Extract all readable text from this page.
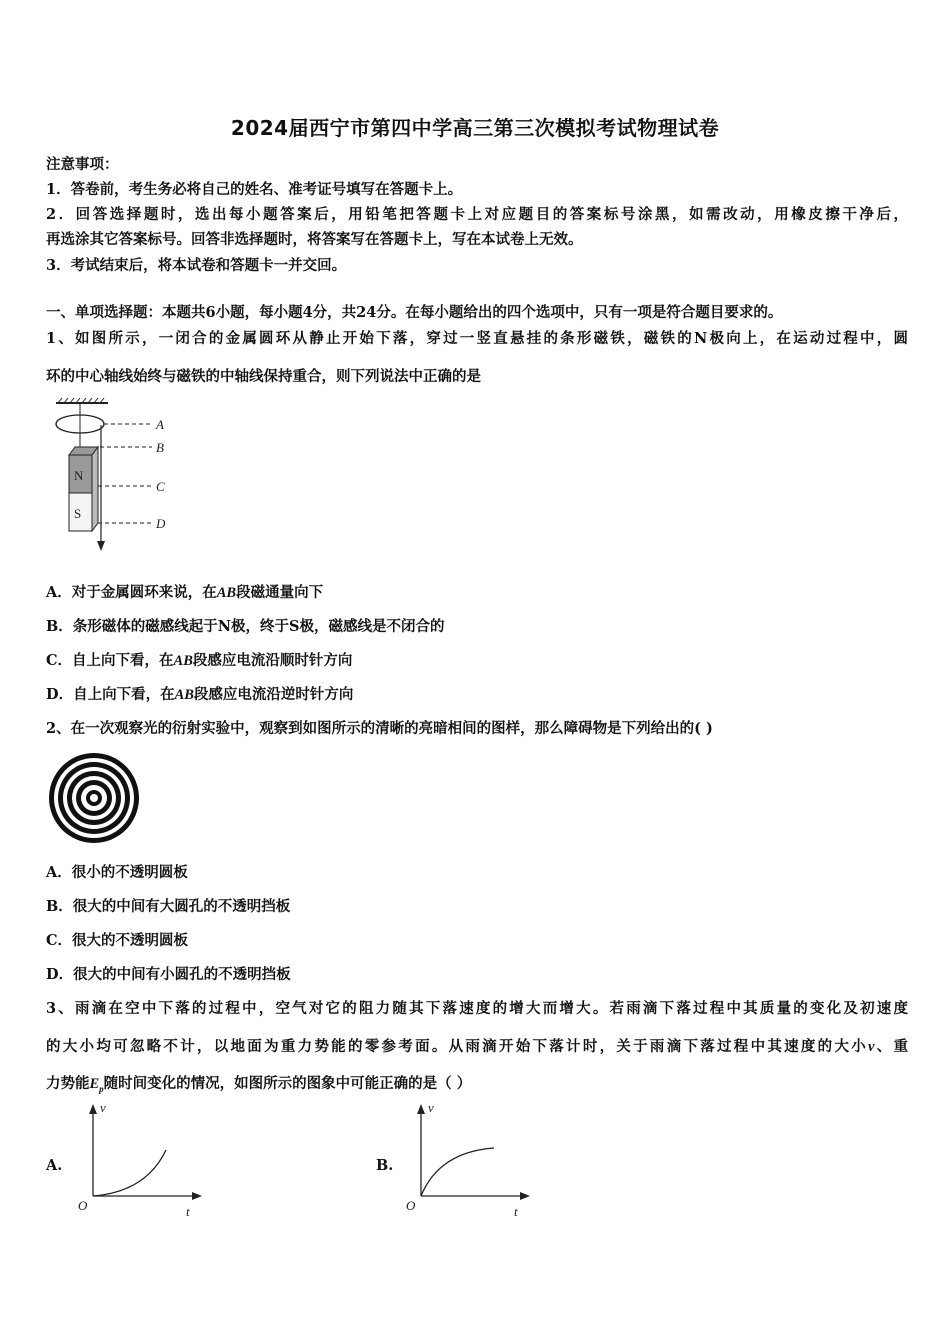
2024届西宁市第四中学高三第三次模拟考试物理试卷
注意事项：
1．答卷前，考生务必将自己的姓名、准考证号填写在答题卡上。
2．回答选择题时，选出每小题答案后，用铅笔把答题卡上对应题目的答案标号涂黑，如需改动，用橡皮擦干净后，
再选涂其它答案标号。回答非选择题时，将答案写在答题卡上，写在本试卷上无效。
3．考试结束后，将本试卷和答题卡一并交回。
一、单项选择题：本题共6小题，每小题4分，共24分。在每小题给出的四个选项中，只有一项是符合题目要求的。
1、如图所示，一闭合的金属圆环从静止开始下落，穿过一竖直悬挂的条形磁铁，磁铁的N极向上，在运动过程中，圆
环的中心轴线始终与磁铁的中轴线保持重合，则下列说法中正确的是
N
S
A
B
C
D
A．对于金属圆环来说，在AB段磁通量向下
B．条形磁体的磁感线起于N极，终于S极，磁感线是不闭合的
C．自上向下看，在AB段感应电流沿顺时针方向
D．自上向下看，在AB段感应电流沿逆时针方向
2、在一次观察光的衍射实验中，观察到如图所示的清晰的亮暗相间的图样，那么障碍物是下列给出的( )
A．很小的不透明圆板
B．很大的中间有大圆孔的不透明挡板
C．很大的不透明圆板
D．很大的中间有小圆孔的不透明挡板
3、雨滴在空中下落的过程中，空气对它的阻力随其下落速度的增大而增大。若雨滴下落过程中其质量的变化及初速度
的大小均可忽略不计，以地面为重力势能的零参考面。从雨滴开始下落计时，关于雨滴下落过程中其速度的大小v、重
力势能$E_p$随时间变化的情况，如图所示的图象中可能正确的是（ ）
A.
v
t
O
B.
v
t
O
